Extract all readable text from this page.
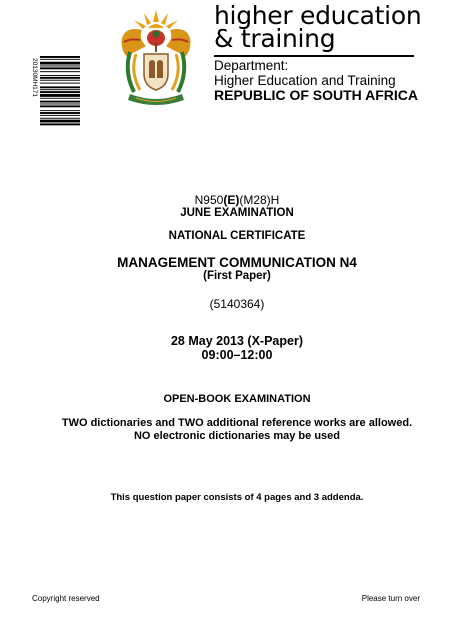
higher education
& training
Department:
Higher Education and Training
REPUBLIC OF SOUTH AFRICA
20130MH171
N950(E)(M28)H
JUNE EXAMINATION
NATIONAL CERTIFICATE
MANAGEMENT COMMUNICATION N4
(First Paper)
(5140364)
28 May 2013 (X-Paper)
09:00–12:00
OPEN-BOOK EXAMINATION
TWO dictionaries and TWO additional reference works are allowed.
NO electronic dictionaries may be used
This question paper consists of 4 pages and 3 addenda.
Copyright reserved	Please turn over
